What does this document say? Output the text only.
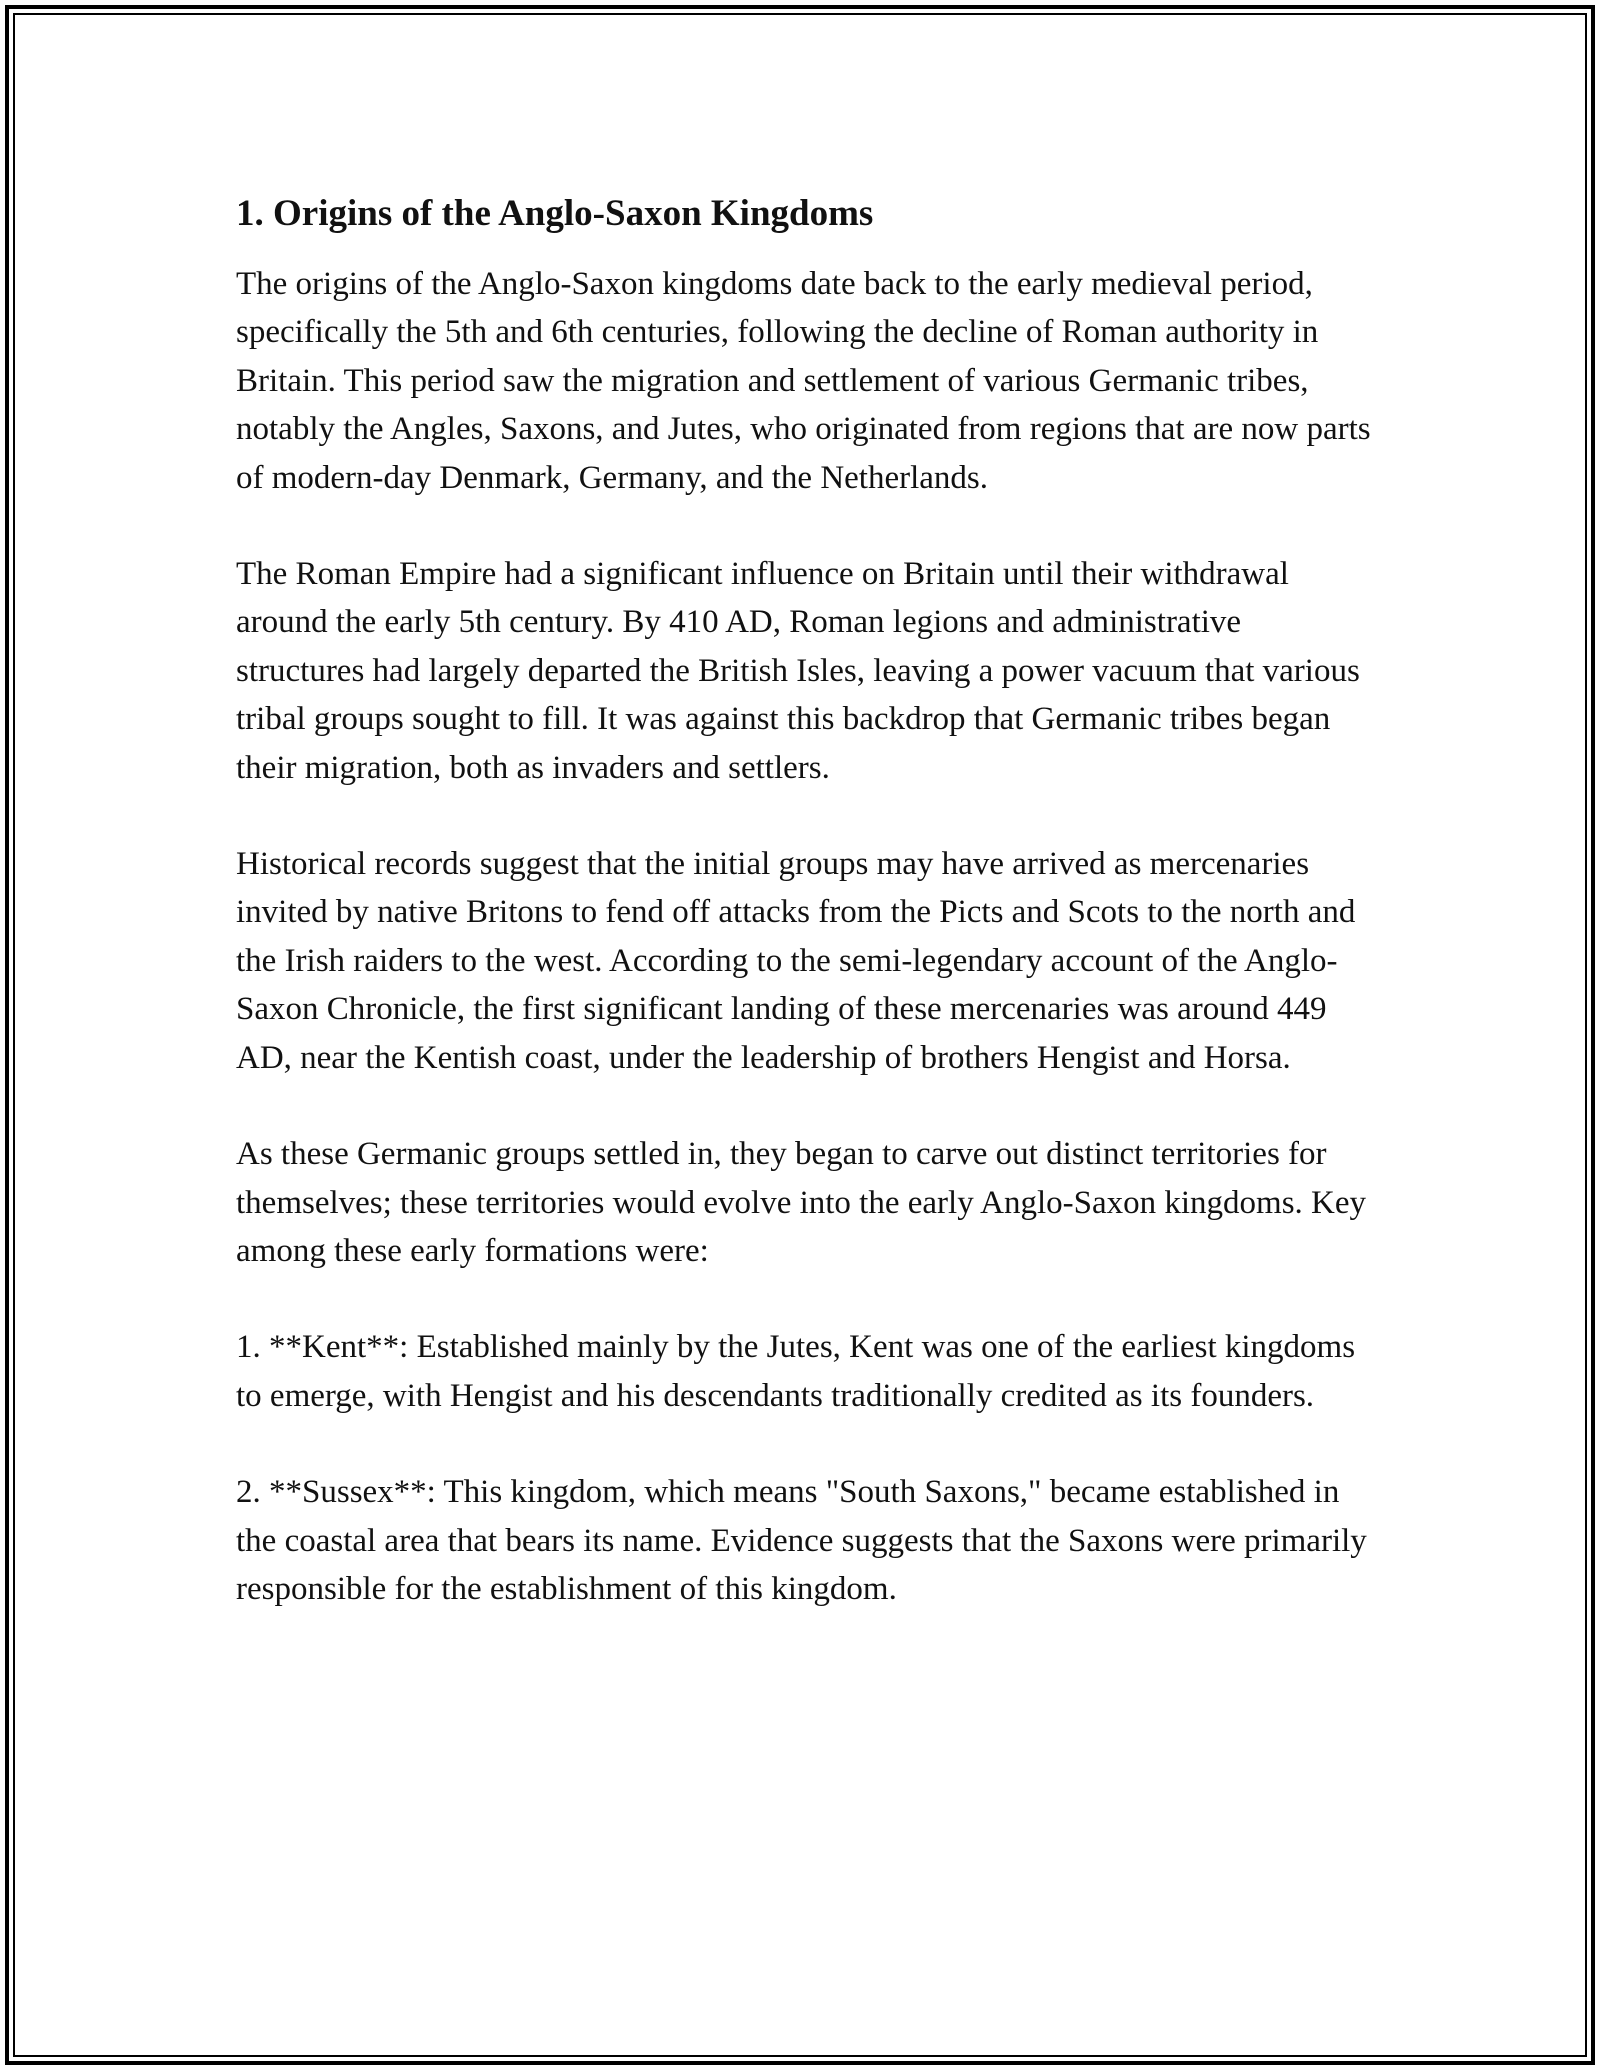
1. Origins of the Anglo-Saxon Kingdoms

The origins of the Anglo-Saxon kingdoms date back to the early medieval period, specifically the 5th and 6th centuries, following the decline of Roman authority in Britain. This period saw the migration and settlement of various Germanic tribes, notably the Angles, Saxons, and Jutes, who originated from regions that are now parts of modern-day Denmark, Germany, and the Netherlands.

The Roman Empire had a significant influence on Britain until their withdrawal around the early 5th century. By 410 AD, Roman legions and administrative structures had largely departed the British Isles, leaving a power vacuum that various tribal groups sought to fill. It was against this backdrop that Germanic tribes began their migration, both as invaders and settlers.

Historical records suggest that the initial groups may have arrived as mercenaries invited by native Britons to fend off attacks from the Picts and Scots to the north and the Irish raiders to the west. According to the semi-legendary account of the Anglo-Saxon Chronicle, the first significant landing of these mercenaries was around 449 AD, near the Kentish coast, under the leadership of brothers Hengist and Horsa.

As these Germanic groups settled in, they began to carve out distinct territories for themselves; these territories would evolve into the early Anglo-Saxon kingdoms. Key among these early formations were:

1. **Kent**: Established mainly by the Jutes, Kent was one of the earliest kingdoms to emerge, with Hengist and his descendants traditionally credited as its founders.

2. **Sussex**: This kingdom, which means "South Saxons," became established in the coastal area that bears its name. Evidence suggests that the Saxons were primarily responsible for the establishment of this kingdom.
